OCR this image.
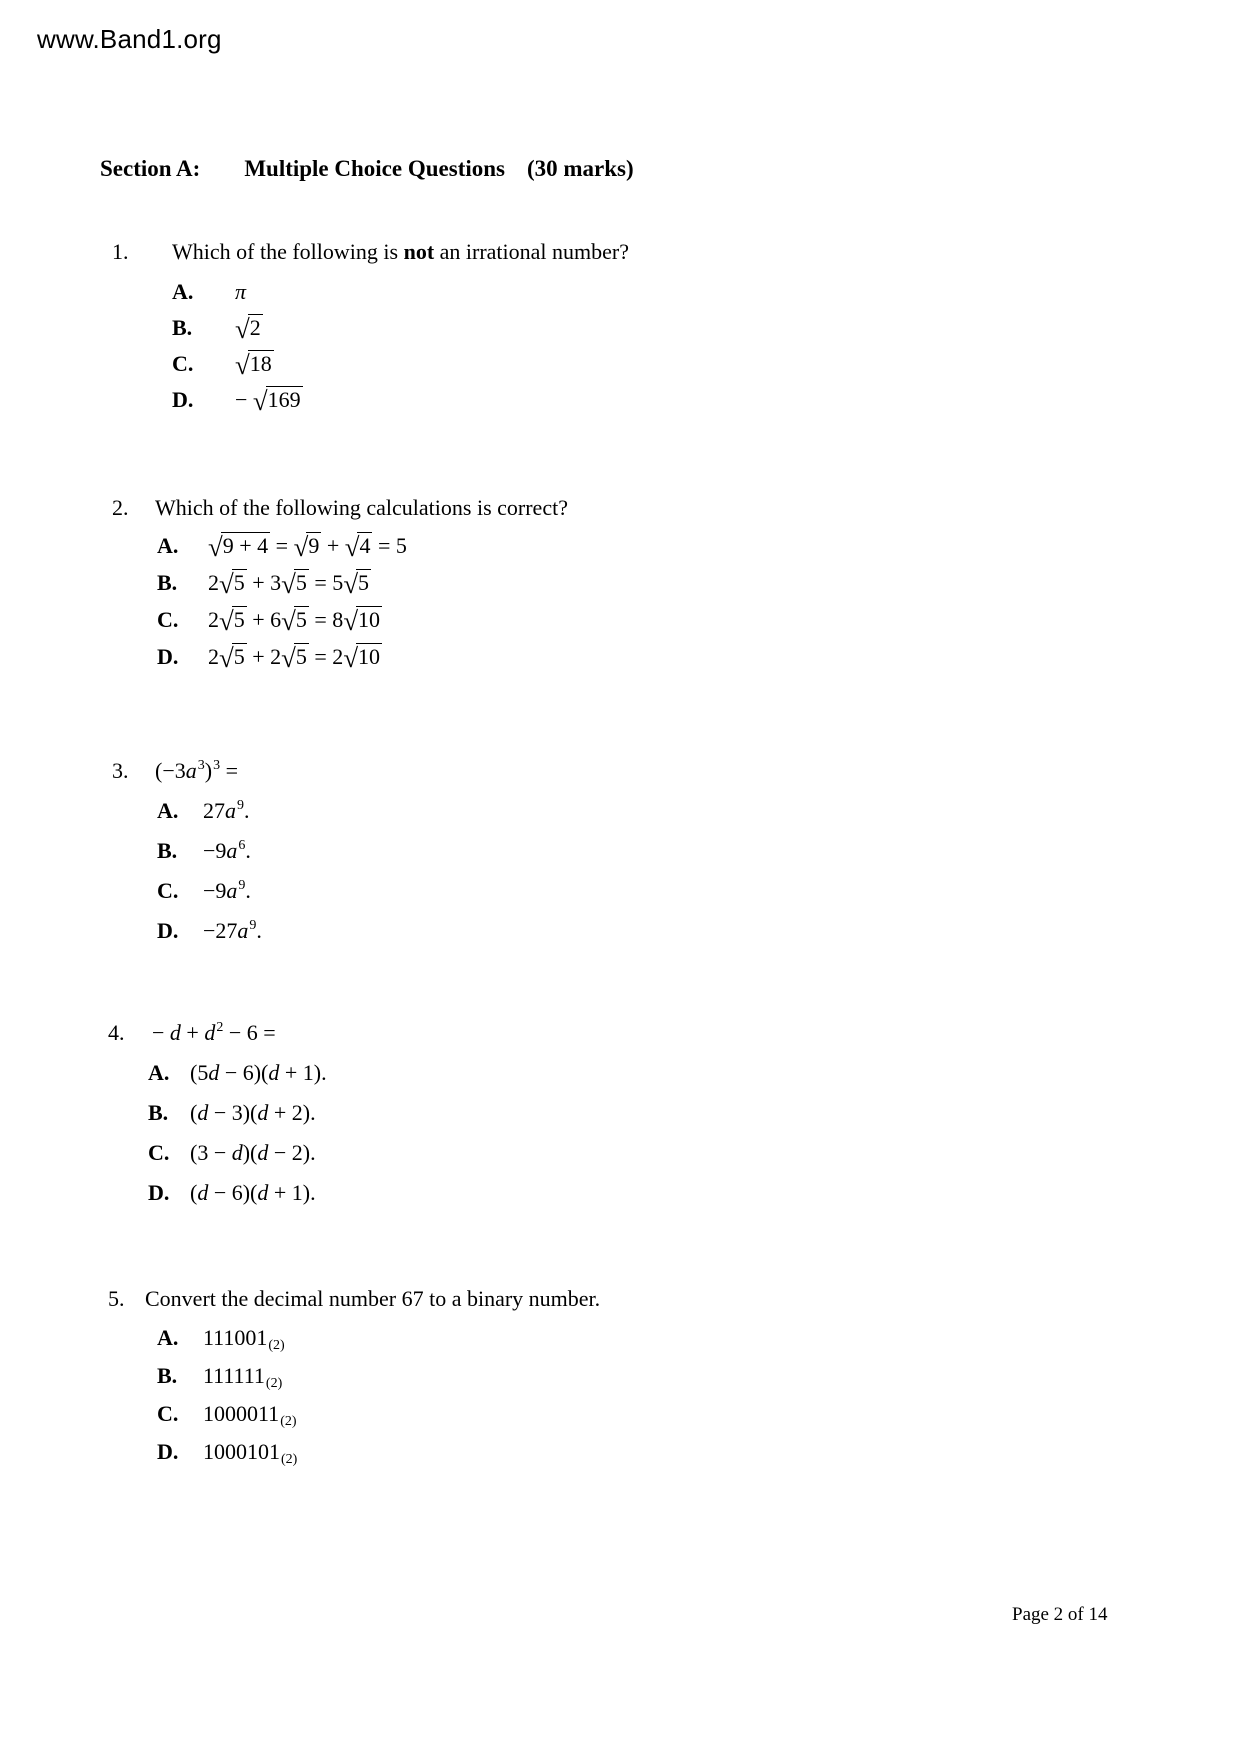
www.Band1.org
Section A: Multiple Choice Questions (30 marks)
1.	Which of the following is not an irrational number?
A.	π
B.	√2
C.	√18
D.	− √169
2.	Which of the following calculations is correct?
A.	√9 + 4 = √9 + √4 = 5
B.	2√5 + 3√5 = 5√5
C.	2√5 + 6√5 = 8√10
D.	2√5 + 2√5 = 2√10
3.	$(-3a^3)^3$ =
A.	$27a^9$.
B.	$-9a^6$.
C.	$-9a^9$.
D.	$-27a^9$.
4.	− $d + d^2 - 6$ =
A. (5d − 6)(d + 1).
B. (d − 3)(d + 2).
C. (3 − d)(d − 2).
D. (d − 6)(d + 1).
5. Convert the decimal number 67 to a binary number.
A.	111001(2)
B.	111111(2)
C.	1000011(2)
D.	1000101(2)
Page 2 of 14
